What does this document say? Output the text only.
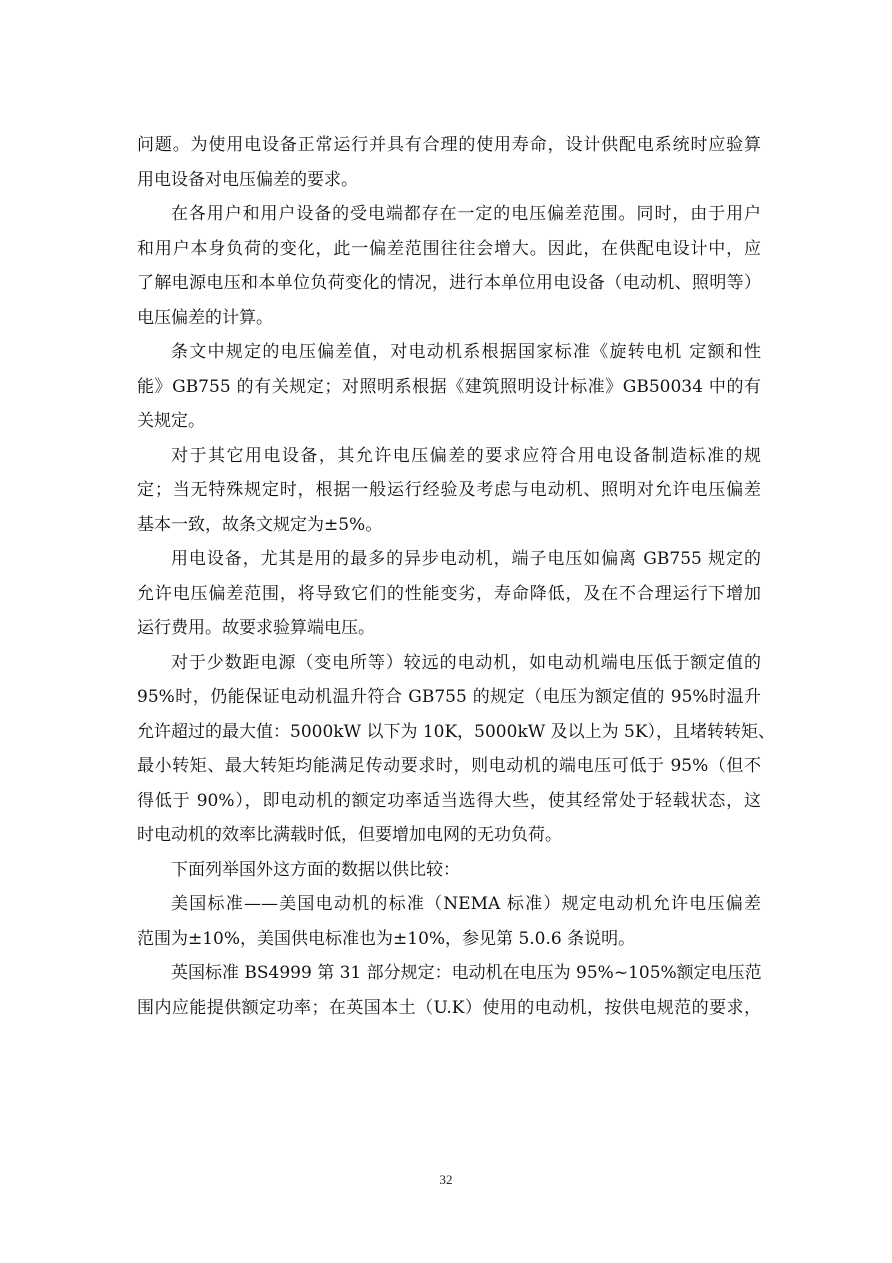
问题。为使用电设备正常运行并具有合理的使用寿命，设计供配电系统时应验算
用电设备对电压偏差的要求。
在各用户和用户设备的受电端都存在一定的电压偏差范围。同时，由于用户
和用户本身负荷的变化，此一偏差范围往往会增大。因此，在供配电设计中，应
了解电源电压和本单位负荷变化的情况，进行本单位用电设备（电动机、照明等）
电压偏差的计算。
条文中规定的电压偏差值，对电动机系根据国家标准《旋转电机 定额和性
能》GB755 的有关规定；对照明系根据《建筑照明设计标准》GB50034 中的有
关规定。
对于其它用电设备，其允许电压偏差的要求应符合用电设备制造标准的规
定；当无特殊规定时，根据一般运行经验及考虑与电动机、照明对允许电压偏差
基本一致，故条文规定为±5%。
用电设备，尤其是用的最多的异步电动机，端子电压如偏离 GB755 规定的
允许电压偏差范围，将导致它们的性能变劣，寿命降低，及在不合理运行下增加
运行费用。故要求验算端电压。
对于少数距电源（变电所等）较远的电动机，如电动机端电压低于额定值的
95%时，仍能保证电动机温升符合 GB755 的规定（电压为额定值的 95%时温升
允许超过的最大值：5000kW 以下为 10K，5000kW 及以上为 5K），且堵转转矩、
最小转矩、最大转矩均能满足传动要求时，则电动机的端电压可低于 95%（但不
得低于 90%），即电动机的额定功率适当选得大些，使其经常处于轻载状态，这
时电动机的效率比满载时低，但要增加电网的无功负荷。
下面列举国外这方面的数据以供比较：
美国标准——美国电动机的标准（NEMA 标准）规定电动机允许电压偏差
范围为±10%，美国供电标准也为±10%，参见第 5.0.6 条说明。
英国标准 BS4999 第 31 部分规定：电动机在电压为 95%~105%额定电压范
围内应能提供额定功率；在英国本土（U.K）使用的电动机，按供电规范的要求，
32
